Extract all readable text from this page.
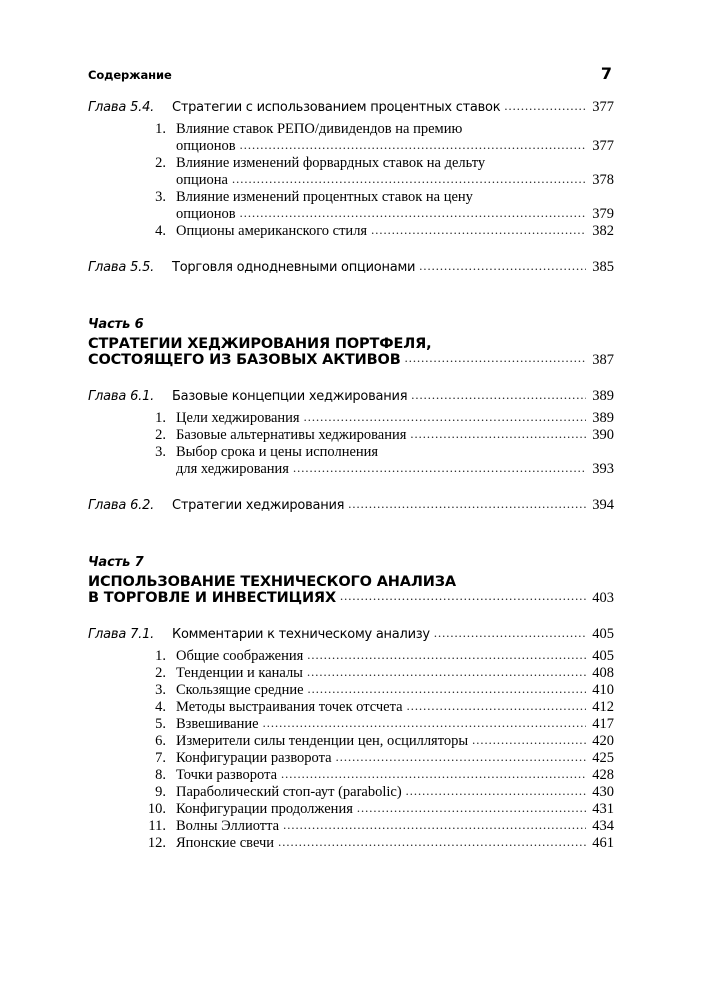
Содержание	7
Глава 5.4.	Стратегии с использованием процентных ставок .....	377
1. Влияние ставок РЕПО/дивидендов на премию
опционов .....	377
2. Влияние изменений форвардных ставок на дельту
опциона .....	378
3. Влияние изменений процентных ставок на цену
опционов .....	379
4. Опционы американского стиля .....	382
Глава 5.5.	Торговля однодневными опционами .....	385
Часть 6
СТРАТЕГИИ ХЕДЖИРОВАНИЯ ПОРТФЕЛЯ,
СОСТОЯЩЕГО ИЗ БАЗОВЫХ АКТИВОВ .....	387
Глава 6.1.	Базовые концепции хеджирования .....	389
1. Цели хеджирования .....	389
2. Базовые альтернативы хеджирования .....	390
3. Выбор срока и цены исполнения
для хеджирования .....	393
Глава 6.2.	Стратегии хеджирования .....	394
Часть 7
ИСПОЛЬЗОВАНИЕ ТЕХНИЧЕСКОГО АНАЛИЗА
В ТОРГОВЛЕ И ИНВЕСТИЦИЯХ .....	403
Глава 7.1.	Комментарии к техническому анализу .....	405
1. Общие соображения .....	405
2. Тенденции и каналы .....	408
3. Скользящие средние .....	410
4. Методы выстраивания точек отсчета .....	412
5. Взвешивание .....	417
6. Измерители силы тенденции цен, осцилляторы .....	420
7. Конфигурации разворота .....	425
8. Точки разворота .....	428
9. Параболический стоп-аут (parabolic) .....	430
10. Конфигурации продолжения .....	431
11. Волны Эллиотта .....	434
12. Японские свечи .....	461
